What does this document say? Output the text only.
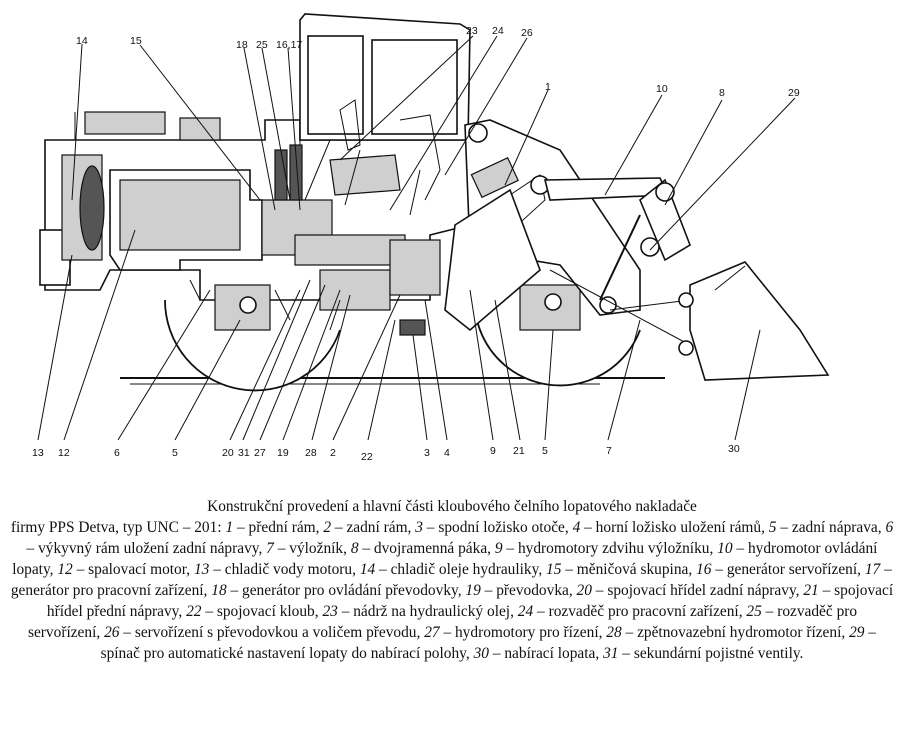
14	15	18 25 16,17
23 24 26
1	10	8	29
13 12	6	5	20 31 27 19 28 2 22	3 4	9 21 5	7	30
Konstrukční provedení a hlavní části kloubového čelního lopatového nakladače
firmy PPS Detva, typ UNC – 201: 1 – přední rám, 2 – zadní rám, 3 – spodní ložisko otoče, 4 – horní ložisko uložení rámů, 5 – zadní náprava, 6 – výkyvný rám uložení zadní nápravy, 7 – výložník, 8 – dvojramenná páka, 9 – hydromotory zdvihu výložníku, 10 – hydromotor ovládání lopaty, 12 – spalovací motor, 13 – chladič vody motoru, 14 – chladič oleje hydrauliky, 15 – měničová skupina, 16 – generátor servořízení, 17 – generátor pro pracovní zařízení, 18 – generátor pro ovládání převodovky, 19 – převodovka, 20 – spojovací hřídel zadní nápravy, 21 – spojovací hřídel přední nápravy, 22 – spojovací kloub, 23 – nádrž na hydraulický olej, 24 – rozvaděč pro pracovní zařízení, 25 – rozvaděč pro servořízení, 26 – servořízení s převodovkou a voličem převodu, 27 – hydromotory pro řízení, 28 – zpětnovazební hydromotor řízení, 29 – spínač pro automatické nastavení lopaty do nabírací polohy, 30 – nabírací lopata, 31 – sekundární pojistné ventily.
